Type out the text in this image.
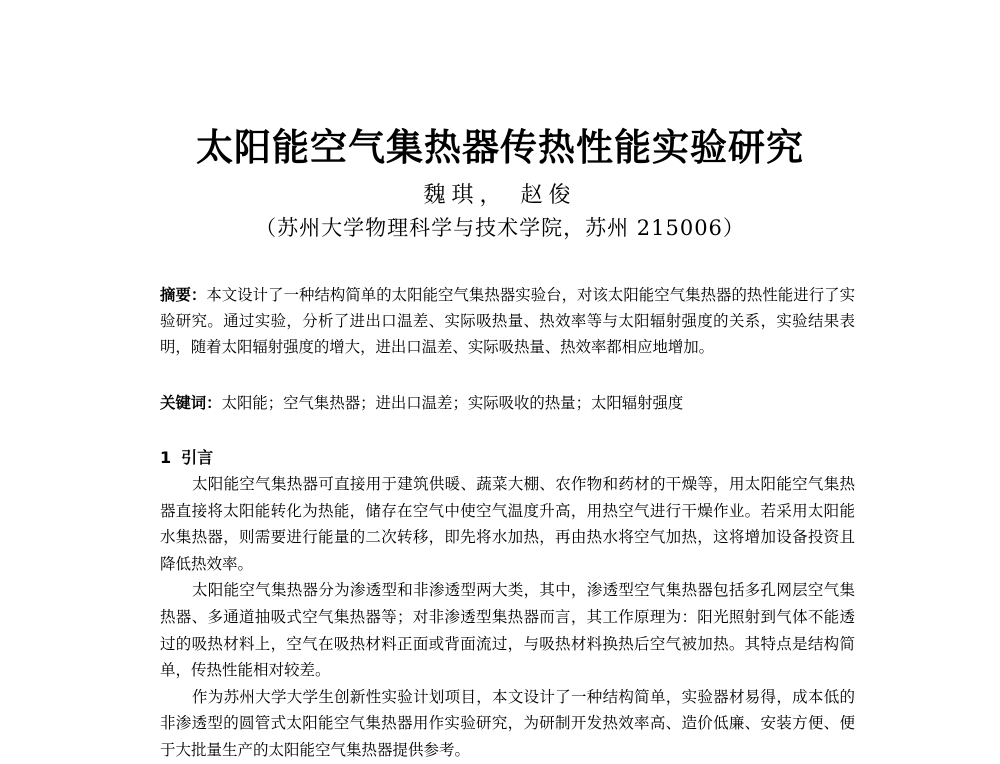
太阳能空气集热器传热性能实验研究
魏琪， 赵俊
（苏州大学物理科学与技术学院，苏州 215006）
摘要：本文设计了一种结构简单的太阳能空气集热器实验台，对该太阳能空气集热器的热性能进行了实验研究。通过实验，分析了进出口温差、实际吸热量、热效率等与太阳辐射强度的关系，实验结果表明，随着太阳辐射强度的增大，进出口温差、实际吸热量、热效率都相应地增加。
关键词：太阳能；空气集热器；进出口温差；实际吸收的热量；太阳辐射强度
1 引言

太阳能空气集热器可直接用于建筑供暖、蔬菜大棚、农作物和药材的干燥等，用太阳能空气集热器直接将太阳能转化为热能，储存在空气中使空气温度升高，用热空气进行干燥作业。若采用太阳能水集热器，则需要进行能量的二次转移，即先将水加热，再由热水将空气加热，这将增加设备投资且降低热效率。

太阳能空气集热器分为渗透型和非渗透型两大类，其中，渗透型空气集热器包括多孔网层空气集热器、多通道抽吸式空气集热器等；对非渗透型集热器而言，其工作原理为：阳光照射到气体不能透过的吸热材料上，空气在吸热材料正面或背面流过，与吸热材料换热后空气被加热。其特点是结构简单，传热性能相对较差。

作为苏州大学大学生创新性实验计划项目，本文设计了一种结构简单，实验器材易得，成本低的非渗透型的圆管式太阳能空气集热器用作实验研究，为研制开发热效率高、造价低廉、安装方便、便于大批量生产的太阳能空气集热器提供参考。
